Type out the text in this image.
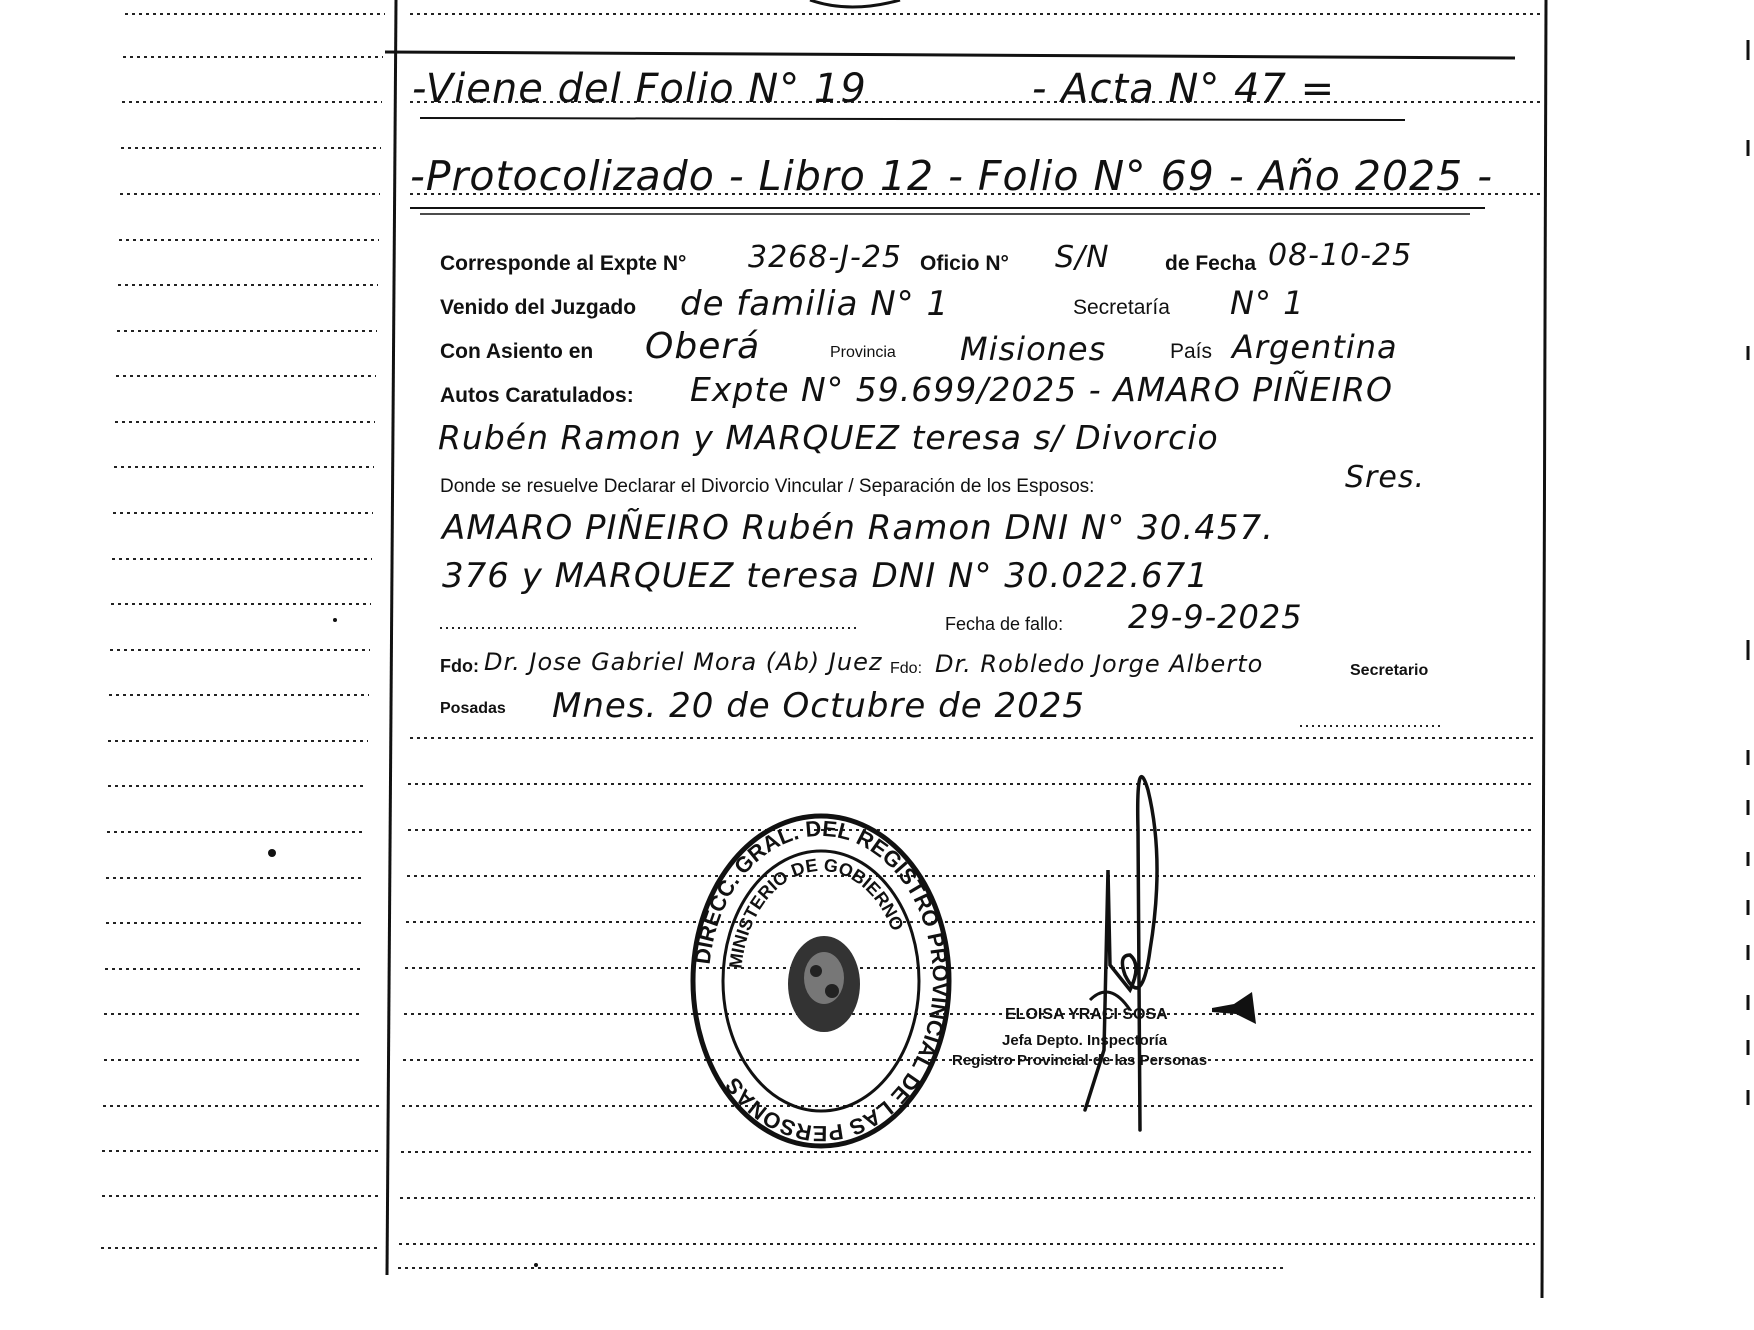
-Viene del Folio N° 19	- Acta N° 47 =
-Protocolizado - Libro 12 - Folio N° 69 - Año 2025 -
Corresponde al Expte N° 3268-J-25 Oficio N° S/N	de Fecha 08-10-25
Venido del Juzgado de familia N° 1	Secretaría N° 1
Con Asiento en Oberá	Provincia Misiones	País Argentina
Autos Caratulados: Expte N° 59.699/2025 - AMARO PIÑEIRO
Rubén Ramon y MARQUEZ teresa s/ Divorcio
Donde se resuelve Declarar el Divorcio Vincular / Separación de los Esposos:	Sres.
AMARO PIÑEIRO Rubén Ramon DNI N° 30.457.
376 y MARQUEZ teresa DNI N° 30.022.671
Fecha de fallo: 29-9-2025
Fdo: Dr. Jose Gabriel Mora (Ab) Juez Fdo: Dr. Robledo Jorge Alberto	Secretario
Posadas Mnes. 20 de Octubre de 2025
DIRECC. GRAL. DEL REGISTRO PROVINCIAL DE LAS PERSONAS
MINISTERIO DE GOBIERNO
ELOISA YRACI SOSA
Jefa Depto. Inspectoría
Registro Provincial de las Personas
